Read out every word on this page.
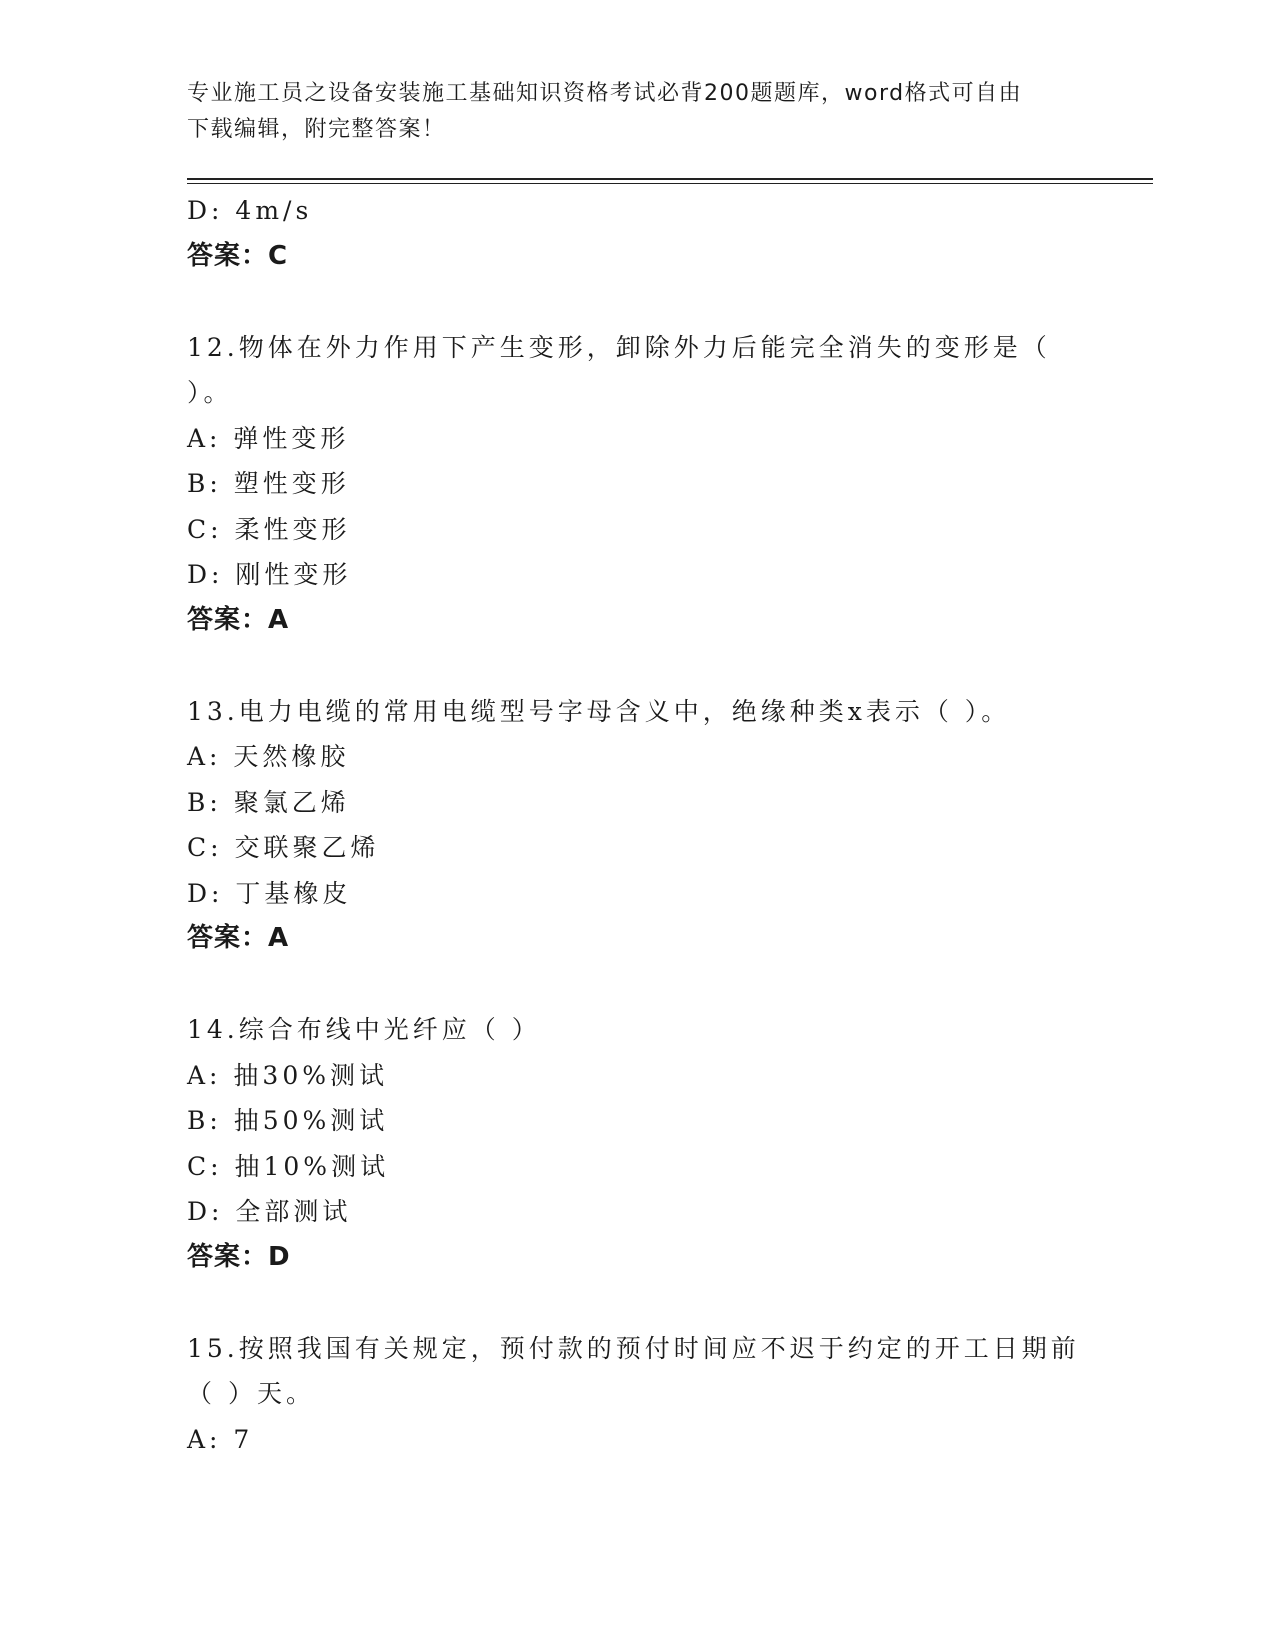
专业施工员之设备安装施工基础知识资格考试必背200题题库，word格式可自由
下载编辑，附完整答案！
D: 4m/s
答案：C
12.物体在外力作用下产生变形，卸除外力后能完全消失的变形是（
）。
A: 弹性变形
B: 塑性变形
C: 柔性变形
D: 刚性变形
答案：A
13.电力电缆的常用电缆型号字母含义中，绝缘种类x表示（ ）。
A: 天然橡胶
B: 聚氯乙烯
C: 交联聚乙烯
D: 丁基橡皮
答案：A
14.综合布线中光纤应（ ）
A: 抽30%测试
B: 抽50%测试
C: 抽10%测试
D: 全部测试
答案：D
15.按照我国有关规定，预付款的预付时间应不迟于约定的开工日期前
（ ）天。
A: 7
